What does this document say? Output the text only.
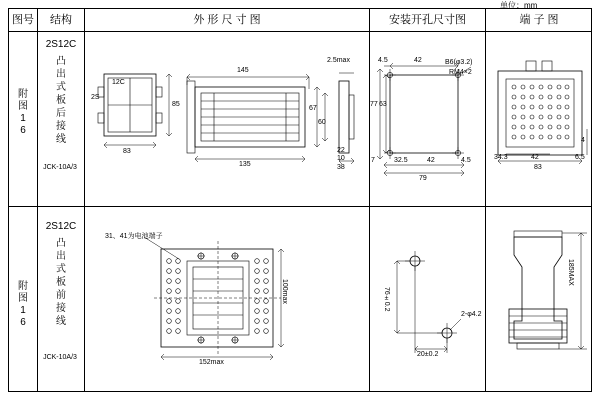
单位：mm
图号	结构	外 形 尺 寸 图	安装开孔尺寸图	端 子 图
附
图
1
6
2S12C
凸出式板后接线
JCK-10A/3
12C
2S
85
83
145
135
67
60
2.5max
22
10
38
4.5	42	B6(φ3.2)
RM4×2
77 63
7	32.5	42	4.5
79
34.3	42
83
6.5
4
附
图
1
6
2S12C
凸出式板前接线
JCK-10A/3
31、41为电池端子
100max
152max
76±0.2
2-φ4.2
20±0.2
185MAX
